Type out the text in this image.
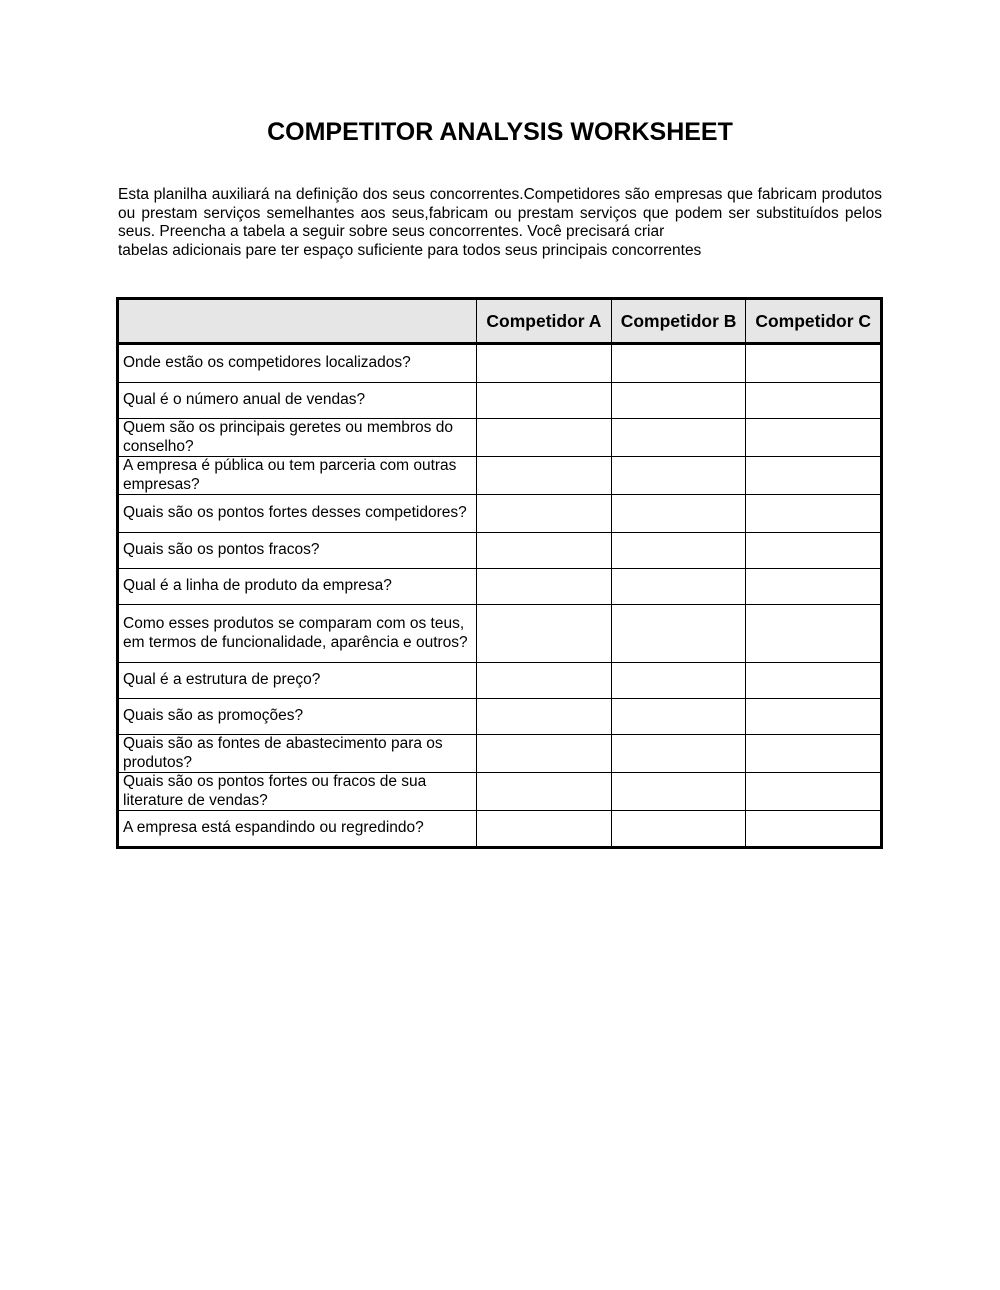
COMPETITOR ANALYSIS WORKSHEET
Esta planilha auxiliará na definição dos seus concorrentes.Competidores são empresas que fabricam produtos ou prestam serviços semelhantes aos seus,fabricam ou prestam serviços que podem ser substituídos pelos seus. Preencha a tabela a seguir sobre seus concorrentes. Você precisará criar
tabelas adicionais pare ter espaço suficiente para todos seus principais concorrentes
	Competidor A	Competidor B	Competidor C
Onde estão os competidores localizados?			
Qual é o número anual de vendas?			
Quem são os principais geretes ou membros do conselho?			
A empresa é pública ou tem parceria com outras empresas?			
Quais são os pontos fortes desses competidores?			
Quais são os pontos fracos?			
Qual é a linha de produto da empresa?			
Como esses produtos se comparam com os teus, em termos de funcionalidade, aparência e outros?			
Qual é a estrutura de preço?			
Quais são as promoções?			
Quais são as fontes de abastecimento para os produtos?			
Quais são os pontos fortes ou fracos de sua literature de vendas?			
A empresa está espandindo ou regredindo?			
